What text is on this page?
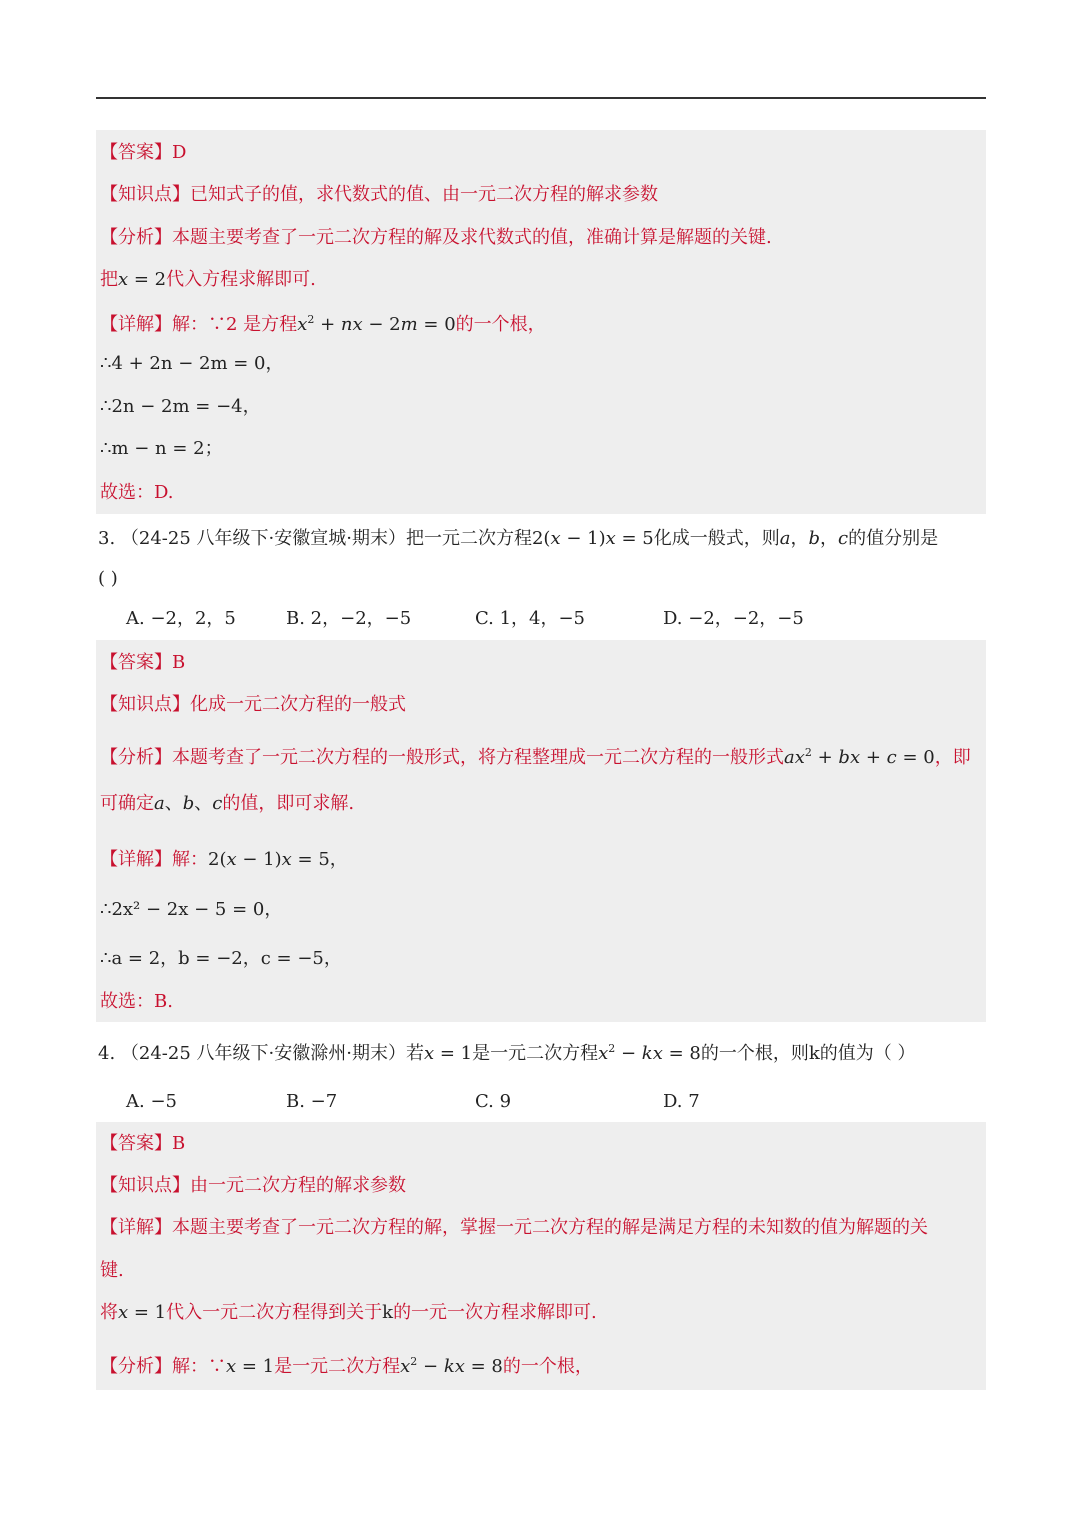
【答案】D
【知识点】已知式子的值，求代数式的值、由一元二次方程的解求参数
【分析】本题主要考查了一元二次方程的解及求代数式的值，准确计算是解题的关键.
把x = 2代入方程求解即可.
【详解】解：∵2 是方程$x^2$ + nx − 2m = 0的一个根，
∴4 + 2n − 2m = 0，
∴2n − 2m = −4，
∴m − n = 2；
故选：D.
3. （24-25 八年级下·安徽宣城·期末）把一元二次方程2(x − 1)x = 5化成一般式，则a，b，c的值分别是
( )
A. −2，2，5	B. 2，−2，−5	C. 1，4，−5	D. −2，−2，−5
【答案】B
【知识点】化成一元二次方程的一般式
【分析】本题考查了一元二次方程的一般形式，将方程整理成一元二次方程的一般形式$ax^2$ + bx + c = 0，即
可确定a、b、c的值，即可求解.
【详解】解：2(x − 1)x = 5，
∴2x² − 2x − 5 = 0，
∴a = 2，b = −2，c = −5，
故选：B.
4. （24-25 八年级下·安徽滁州·期末）若x = 1是一元二次方程$x^2$ − kx = 8的一个根，则k的值为（ ）
A. −5	B. −7	C. 9	D. 7
【答案】B
【知识点】由一元二次方程的解求参数
【详解】本题主要考查了一元二次方程的解，掌握一元二次方程的解是满足方程的未知数的值为解题的关
键.
将x = 1代入一元二次方程得到关于k的一元一次方程求解即可.
【分析】解：∵x = 1是一元二次方程$x^2$ − kx = 8的一个根，
